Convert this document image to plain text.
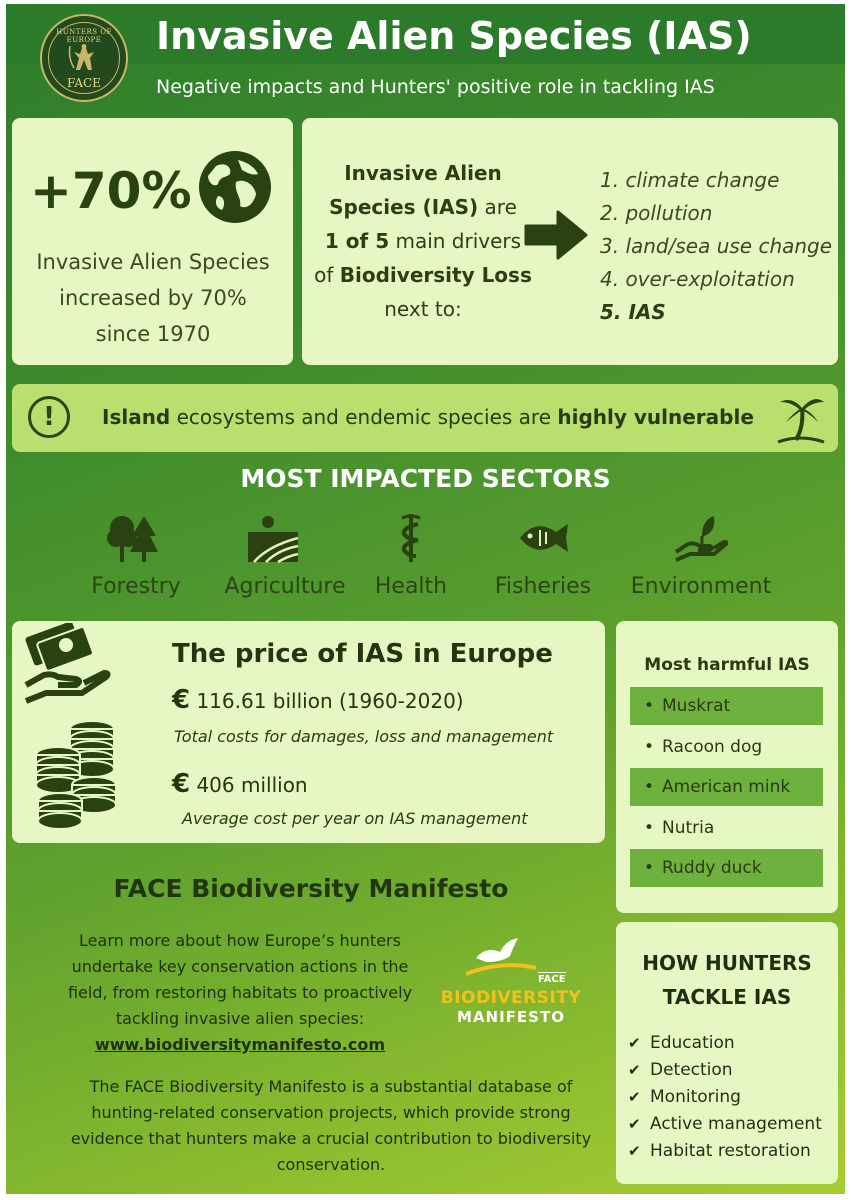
HUNTERS OF EUROPE
FACE
Invasive Alien Species (IAS)
Negative impacts and Hunters' positive role in tackling IAS
+70%
Invasive Alien Species
increased by 70%
since 1970
Invasive Alien
Species (IAS) are
1 of 5 main drivers
of Biodiversity Loss
next to:
1. climate change
2. pollution
3. land/sea use change
4. over-exploitation
5. IAS
!	Island ecosystems and endemic species are highly vulnerable
MOST IMPACTED SECTORS
Forestry	Agriculture	Health	Fisheries	Environment
The price of IAS in Europe
€ 116.61 billion (1960-2020)
Total costs for damages, loss and management
€ 406 million
Average cost per year on IAS management
Most harmful IAS
• Muskrat
• Racoon dog
• American mink
• Nutria
• Ruddy duck
FACE Biodiversity Manifesto
Learn more about how Europe’s hunters undertake key conservation actions in the field, from restoring habitats to proactively tackling invasive alien species:
www.biodiversitymanifesto.com
FACE
BIODIVERSITY
MANIFESTO
The FACE Biodiversity Manifesto is a substantial database of hunting-related conservation projects, which provide strong evidence that hunters make a crucial contribution to biodiversity conservation.
HOW HUNTERS
TACKLE IAS
✔ Education
✔ Detection
✔ Monitoring
✔ Active management
✔ Habitat restoration
